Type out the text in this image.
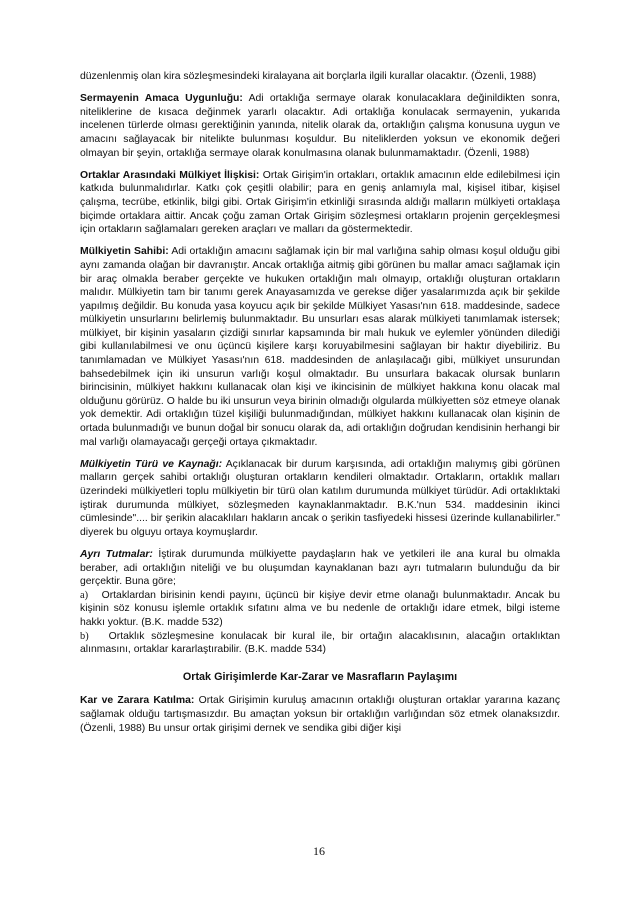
düzenlenmiş olan kira sözleşmesindeki kiralayana ait borçlarla ilgili kurallar olacaktır. (Özenli, 1988)

Sermayenin Amaca Uygunluğu: Adi ortaklığa sermaye olarak konulacaklara değinildikten sonra, niteliklerine de kısaca değinmek yararlı olacaktır. Adi ortaklığa konulacak sermayenin, yukarıda incelenen türlerde olması gerektiğinin yanında, nitelik olarak da, ortaklığın çalışma konusuna uygun ve amacını sağlayacak bir nitelikte bulunması koşuldur. Bu niteliklerden yoksun ve ekonomik değeri olmayan bir şeyin, ortaklığa sermaye olarak konulmasına olanak bulunmamaktadır. (Özenli, 1988)

Ortaklar Arasındaki Mülkiyet İlişkisi: Ortak Girişim'in ortakları, ortaklık amacının elde edilebilmesi için katkıda bulunmalıdırlar. Katkı çok çeşitli olabilir; para en geniş anlamıyla mal, kişisel itibar, kişisel çalışma, tecrübe, etkinlik, bilgi gibi. Ortak Girişim'in etkinliği sırasında aldığı malların mülkiyeti ortaklaşa biçimde ortaklara aittir. Ancak çoğu zaman Ortak Girişim sözleşmesi ortakların projenin gerçekleşmesi için ortakların sağlamaları gereken araçları ve malları da göstermektedir.

Mülkiyetin Sahibi: Adi ortaklığın amacını sağlamak için bir mal varlığına sahip olması koşul olduğu gibi aynı zamanda olağan bir davranıştır. Ancak ortaklığa aitmiş gibi görünen bu mallar amacı sağlamak için bir araç olmakla beraber gerçekte ve hukuken ortaklığın malı olmayıp, ortaklığı oluşturan ortakların malıdır. Mülkiyetin tam bir tanımı gerek Anayasamızda ve gerekse diğer yasalarımızda açık bir şekilde yapılmış değildir. Bu konuda yasa koyucu açık bir şekilde Mülkiyet Yasası'nın 618. maddesinde, sadece mülkiyetin unsurlarını belirlemiş bulunmaktadır. Bu unsurları esas alarak mülkiyeti tanımlamak istersek; mülkiyet, bir kişinin yasaların çizdiği sınırlar kapsamında bir malı hukuk ve eylemler yönünden dilediği gibi kullanılabilmesi ve onu üçüncü kişilere karşı koruyabilmesini sağlayan bir haktır diyebiliriz. Bu tanımlamadan ve Mülkiyet Yasası'nın 618. maddesinden de anlaşılacağı gibi, mülkiyet unsurundan bahsedebilmek için iki unsurun varlığı koşul olmaktadır. Bu unsurlara bakacak olursak bunların birincisinin, mülkiyet hakkını kullanacak olan kişi ve ikincisinin de mülkiyet hakkına konu olacak mal olduğunu görürüz. O halde bu iki unsurun veya birinin olmadığı olgularda mülkiyetten söz etmeye olanak yok demektir. Adi ortaklığın tüzel kişiliği bulunmadığından, mülkiyet hakkını kullanacak olan kişinin de ortada bulunmadığı ve bunun doğal bir sonucu olarak da, adi ortaklığın doğrudan kendisinin herhangi bir mal varlığı olamayacağı gerçeği ortaya çıkmaktadır.

Mülkiyetin Türü ve Kaynağı: Açıklanacak bir durum karşısında, adi ortaklığın malıymış gibi görünen malların gerçek sahibi ortaklığı oluşturan ortakların kendileri olmaktadır. Ortakların, ortaklık malları üzerindeki mülkiyetleri toplu mülkiyetin bir türü olan katılım durumunda mülkiyet türüdür. Adi ortaklıktaki iştirak durumunda mülkiyet, sözleşmeden kaynaklanmaktadır. B.K.'nun 534. maddesinin ikinci cümlesinde".... bir şerikin alacaklıları hakların ancak o şerikin tasfiyedeki hissesi üzerinde kullanabilirler." diyerek bu olguyu ortaya koymuşlardır.

Ayrı Tutmalar: İştirak durumunda mülkiyette paydaşların hak ve yetkileri ile ana kural bu olmakla beraber, adi ortaklığın niteliği ve bu oluşumdan kaynaklanan bazı ayrı tutmaların bulunduğu da bir gerçektir. Buna göre;

a) Ortaklardan birisinin kendi payını, üçüncü bir kişiye devir etme olanağı bulunmaktadır. Ancak bu kişinin söz konusu işlemle ortaklık sıfatını alma ve bu nedenle de ortaklığı idare etmek, bilgi isteme hakkı yoktur. (B.K. madde 532)

b) Ortaklık sözleşmesine konulacak bir kural ile, bir ortağın alacaklısının, alacağın ortaklıktan alınmasını, ortaklar kararlaştırabilir. (B.K. madde 534)

Ortak Girişimlerde Kar-Zarar ve Masrafların Paylaşımı

Kar ve Zarara Katılma: Ortak Girişimin kuruluş amacının ortaklığı oluşturan ortaklar yararına kazanç sağlamak olduğu tartışmasızdır. Bu amaçtan yoksun bir ortaklığın varlığından söz etmek olanaksızdır. (Özenli, 1988) Bu unsur ortak girişimi dernek ve sendika gibi diğer kişi

16
